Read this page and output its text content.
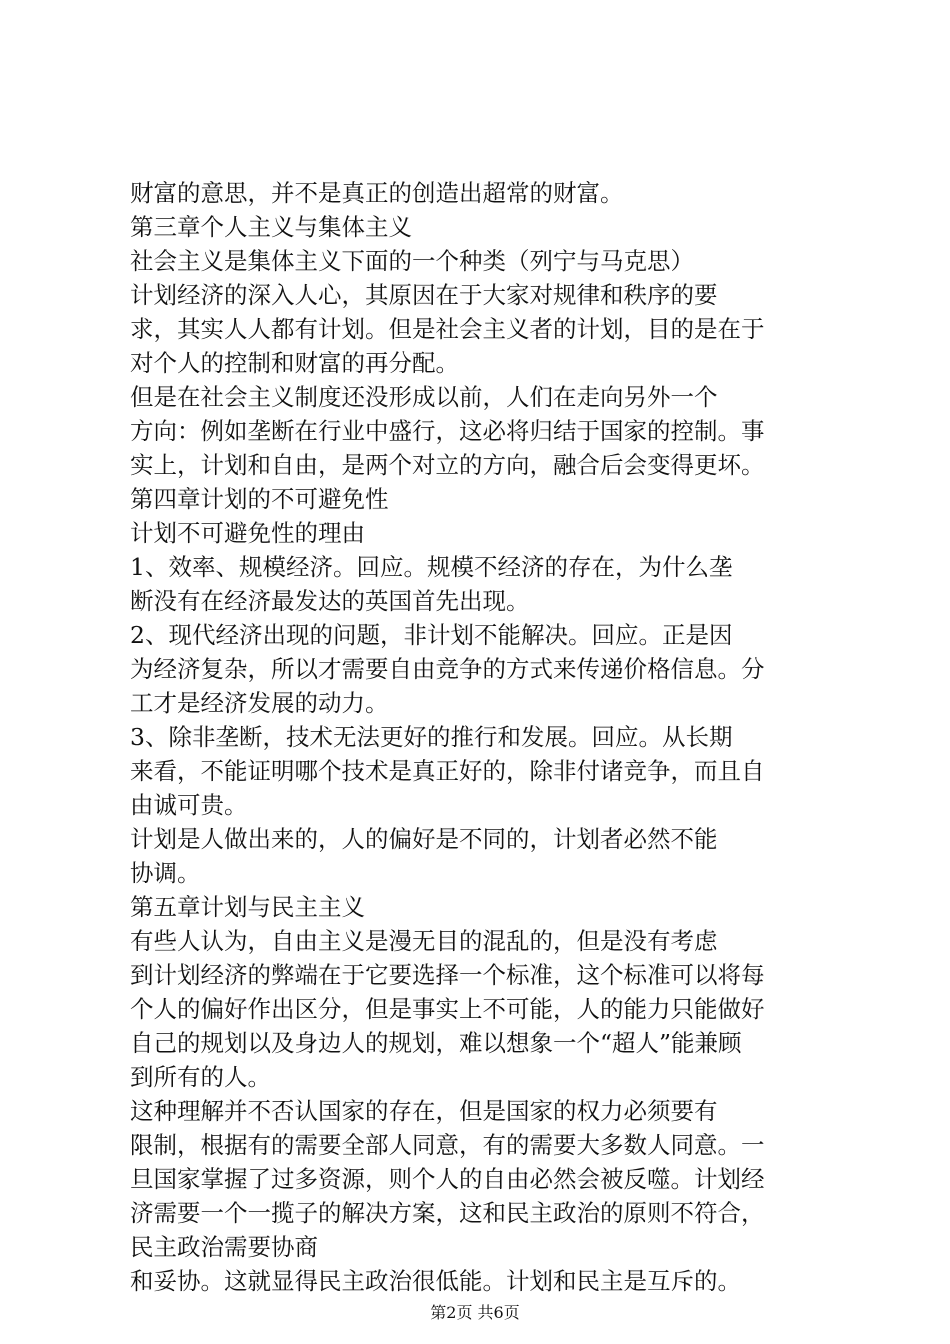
财富的意思，并不是真正的创造出超常的财富。
第三章个人主义与集体主义
社会主义是集体主义下面的一个种类（列宁与马克思）
计划经济的深入人心，其原因在于大家对规律和秩序的要
求，其实人人都有计划。但是社会主义者的计划，目的是在于
对个人的控制和财富的再分配。
但是在社会主义制度还没形成以前，人们在走向另外一个
方向：例如垄断在行业中盛行，这必将归结于国家的控制。事
实上，计划和自由，是两个对立的方向，融合后会变得更坏。
第四章计划的不可避免性
计划不可避免性的理由
1、效率、规模经济。回应。规模不经济的存在，为什么垄
断没有在经济最发达的英国首先出现。
2、现代经济出现的问题，非计划不能解决。回应。正是因
为经济复杂，所以才需要自由竞争的方式来传递价格信息。分
工才是经济发展的动力。
3、除非垄断，技术无法更好的推行和发展。回应。从长期
来看，不能证明哪个技术是真正好的，除非付诸竞争，而且自
由诚可贵。
计划是人做出来的，人的偏好是不同的，计划者必然不能
协调。
第五章计划与民主主义
有些人认为，自由主义是漫无目的混乱的，但是没有考虑
到计划经济的弊端在于它要选择一个标准，这个标准可以将每
个人的偏好作出区分，但是事实上不可能，人的能力只能做好
自己的规划以及身边人的规划，难以想象一个“超人”能兼顾
到所有的人。
这种理解并不否认国家的存在，但是国家的权力必须要有
限制，根据有的需要全部人同意，有的需要大多数人同意。一
旦国家掌握了过多资源，则个人的自由必然会被反噬。计划经
济需要一个一揽子的解决方案，这和民主政治的原则不符合，
民主政治需要协商
和妥协。这就显得民主政治很低能。计划和民主是互斥的。
第2页 共6页
